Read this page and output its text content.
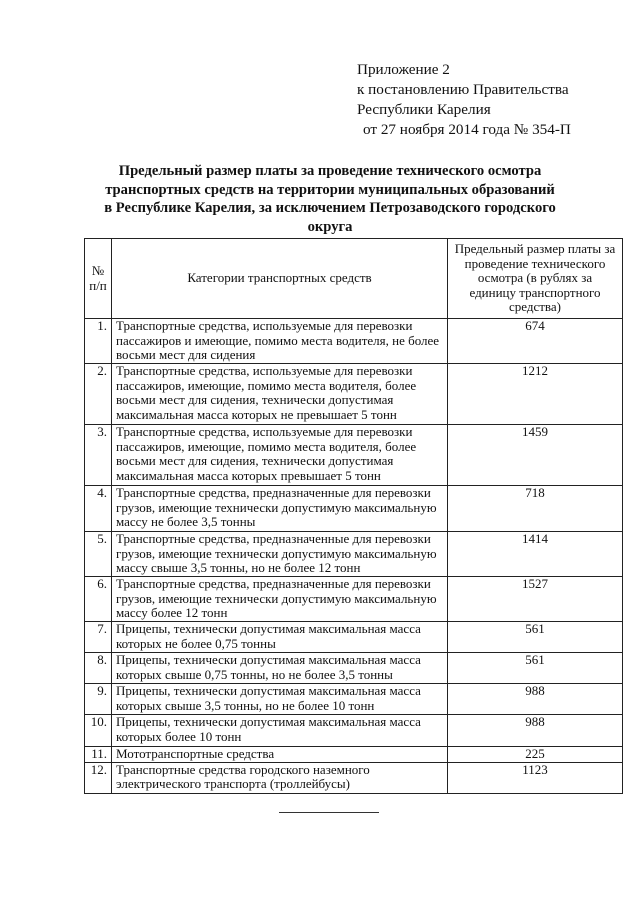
Приложение 2
к постановлению Правительства
Республики Карелия
от 27 ноября 2014 года № 354-П
Предельный размер платы за проведение технического осмотра
транспортных средств на территории муниципальных образований
в Республике Карелия, за исключением Петрозаводского городского
округа
№ п/п	Категории транспортных средств	Предельный размер платы за проведение технического осмотра (в рублях за единицу транспортного средства)
1.	Транспортные средства, используемые для перевозки пассажиров и имеющие, помимо места водителя, не более восьми мест для сидения	674
2.	Транспортные средства, используемые для перевозки пассажиров, имеющие, помимо места водителя, более восьми мест для сидения, технически допустимая максимальная масса которых не превышает 5 тонн	1212
3.	Транспортные средства, используемые для перевозки пассажиров, имеющие, помимо места водителя, более восьми мест для сидения, технически допустимая максимальная масса которых превышает 5 тонн	1459
4.	Транспортные средства, предназначенные для перевозки грузов, имеющие технически допустимую максимальную массу не более 3,5 тонны	718
5.	Транспортные средства, предназначенные для перевозки грузов, имеющие технически допустимую максимальную массу свыше 3,5 тонны, но не более 12 тонн	1414
6.	Транспортные средства, предназначенные для перевозки грузов, имеющие технически допустимую максимальную массу более 12 тонн	1527
7.	Прицепы, технически допустимая максимальная масса которых не более 0,75 тонны	561
8.	Прицепы, технически допустимая максимальная масса которых свыше 0,75 тонны, но не более 3,5 тонны	561
9.	Прицепы, технически допустимая максимальная масса которых свыше 3,5 тонны, но не более 10 тонн	988
10.	Прицепы, технически допустимая максимальная масса которых более 10 тонн	988
11.	Мототранспортные средства	225
12.	Транспортные средства городского наземного электрического транспорта (троллейбусы)	1123
